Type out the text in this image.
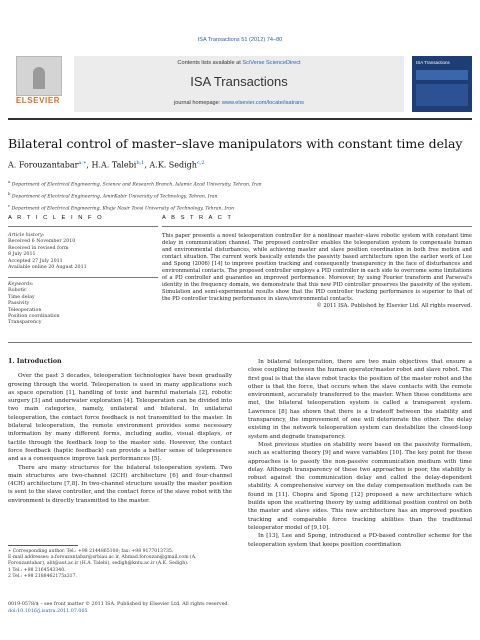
ISA Transactions 51 (2012) 74–80
ELSEVIER
Contents lists available at SciVerse ScienceDirect
ISA Transactions
journal homepage: www.elsevier.com/locate/isatrans
ISA Transactions
Bilateral control of master–slave manipulators with constant time delay
A. Forouzantabar$^{a,∗}$, H.A. Talebi$^{b,1}$, A.K. Sedigh$^{c,2}$
$^a$ Department of Electrical Engineering, Science and Research Branch, Islamic Azad University, Tehran, Iran
$^b$ Department of Electrical Engineering, AmirKabir University of Technology, Tehran, Iran
$^c$ Department of Electrical Engineering, Khaje Nasir Toosi University of Technology, Tehran, Iran
A R T I C L E I N F O	A B S T R A C T
Article history:
Received 6 November 2010
Received in revised form
8 July 2011
Accepted 27 July 2011
Available online 20 August 2011
Keywords:
Robotic
Time delay
Passivity
Teleoperation
Position coordination
Transparency
This paper presents a novel teleoperation controller for a nonlinear master–slave robotic system with constant time delay in communication channel. The proposed controller enables the teleoperation system to compensate human and environmental disturbances, while achieving master and slave position coordination in both free motion and contact situation. The current work basically extends the passivity based architecture upon the earlier work of Lee and Spong (2006) [14] to improve position tracking and consequently transparency in the face of disturbances and environmental contacts. The proposed controller employs a PID controller in each side to overcome some limitations of a PD controller and guarantee an improved performance. Moreover, by using Fourier transform and Parseval's identity in the frequency domain, we demonstrate that this new PID controller preserves the passivity of the system. Simulation and semi-experimental results show that the PID controller tracking performance is superior to that of the PD controller tracking performance in slave/environmental contacts.
© 2011 ISA. Published by Elsevier Ltd. All rights reserved.

1. Introduction

Over the past 3 decades, teleoperation technologies have been gradually growing through the world. Teleoperation is used in many applications such as space operation [1], handling of toxic and harmful materials [2], robotic surgery [3] and underwater exploration [4]. Teleoperation can be divided into two main categories, namely, unilateral and bilateral. In unilateral teleoperation, the contact force feedback is not transmitted to the master. In bilateral teleoperation, the remote environment provides some necessary information by many different forms, including audio, visual displays, or tactile through the feedback loop to the master side. However, the contact force feedback (haptic feedback) can provide a better sense of telepresence and as a consequence improve task performances [5].

There are many structures for the bilateral teleoperation system. Two main structures are two-channel (2CH) architecture [6] and four-channel (4CH) architecture [7,8]. In two-channel structure usually the master position is sent to the slave controller, and the contact force of the slave robot with the environment is directly transmitted to the master.

In bilateral teleoperation, there are two main objectives that ensure a close coupling between the human operator/master robot and slave robot. The first goal is that the slave robot tracks the position of the master robot and the other is that the force, that occurs when the slave contacts with the remote environment, accurately transferred to the master. When these conditions are met, the bilateral teleoperation system is called a transparent system. Lawrence [8] has shown that there is a tradeoff between the stability and transparency, the improvement of one will deteriorate the other. The delay existing in the network teleoperation system can destabilize the closed-loop system and degrade transparency.

Most previous studies on stability were based on the passivity formalism, such as scattering theory [9] and wave variables [10]. The key point for these approaches is to passify the non-passive communication medium with time delay. Although transparency of these two approaches is poor, the stability is robust against the communication delay and called the delay-dependent stability. A comprehensive survey on the delay compensation methods can be found in [11]. Chopra and Spong [12] proposed a new architecture which builds upon the scattering theory by using additional position control on both the master and slave sides. This new architecture has an improved position tracking and comparable force tracking abilities than the traditional teleoperator model of [9,10].

In [13], Lee and Spong, introduced a PD-based controller scheme for the teleoperation system that keeps position coordination

∗ Corresponding author. Tel.: +98 2144865100; fax: +98 9177013735.
E-mail addresses: a.forouzantabar@srbiau.ac.ir, Ahmad.forouzan@gmail.com (A. Forouzantabar), alit@aut.ac.ir (H.A. Talebi), sedigh@kntu.ac.ir (A.K. Sedigh).
1 Tel.: +98 2164543340.
2 Tel.: +98 2188462175x317.
0019-0578/$ – see front matter © 2011 ISA. Published by Elsevier Ltd. All rights reserved.
doi:10.1016/j.isatra.2011.07.005
